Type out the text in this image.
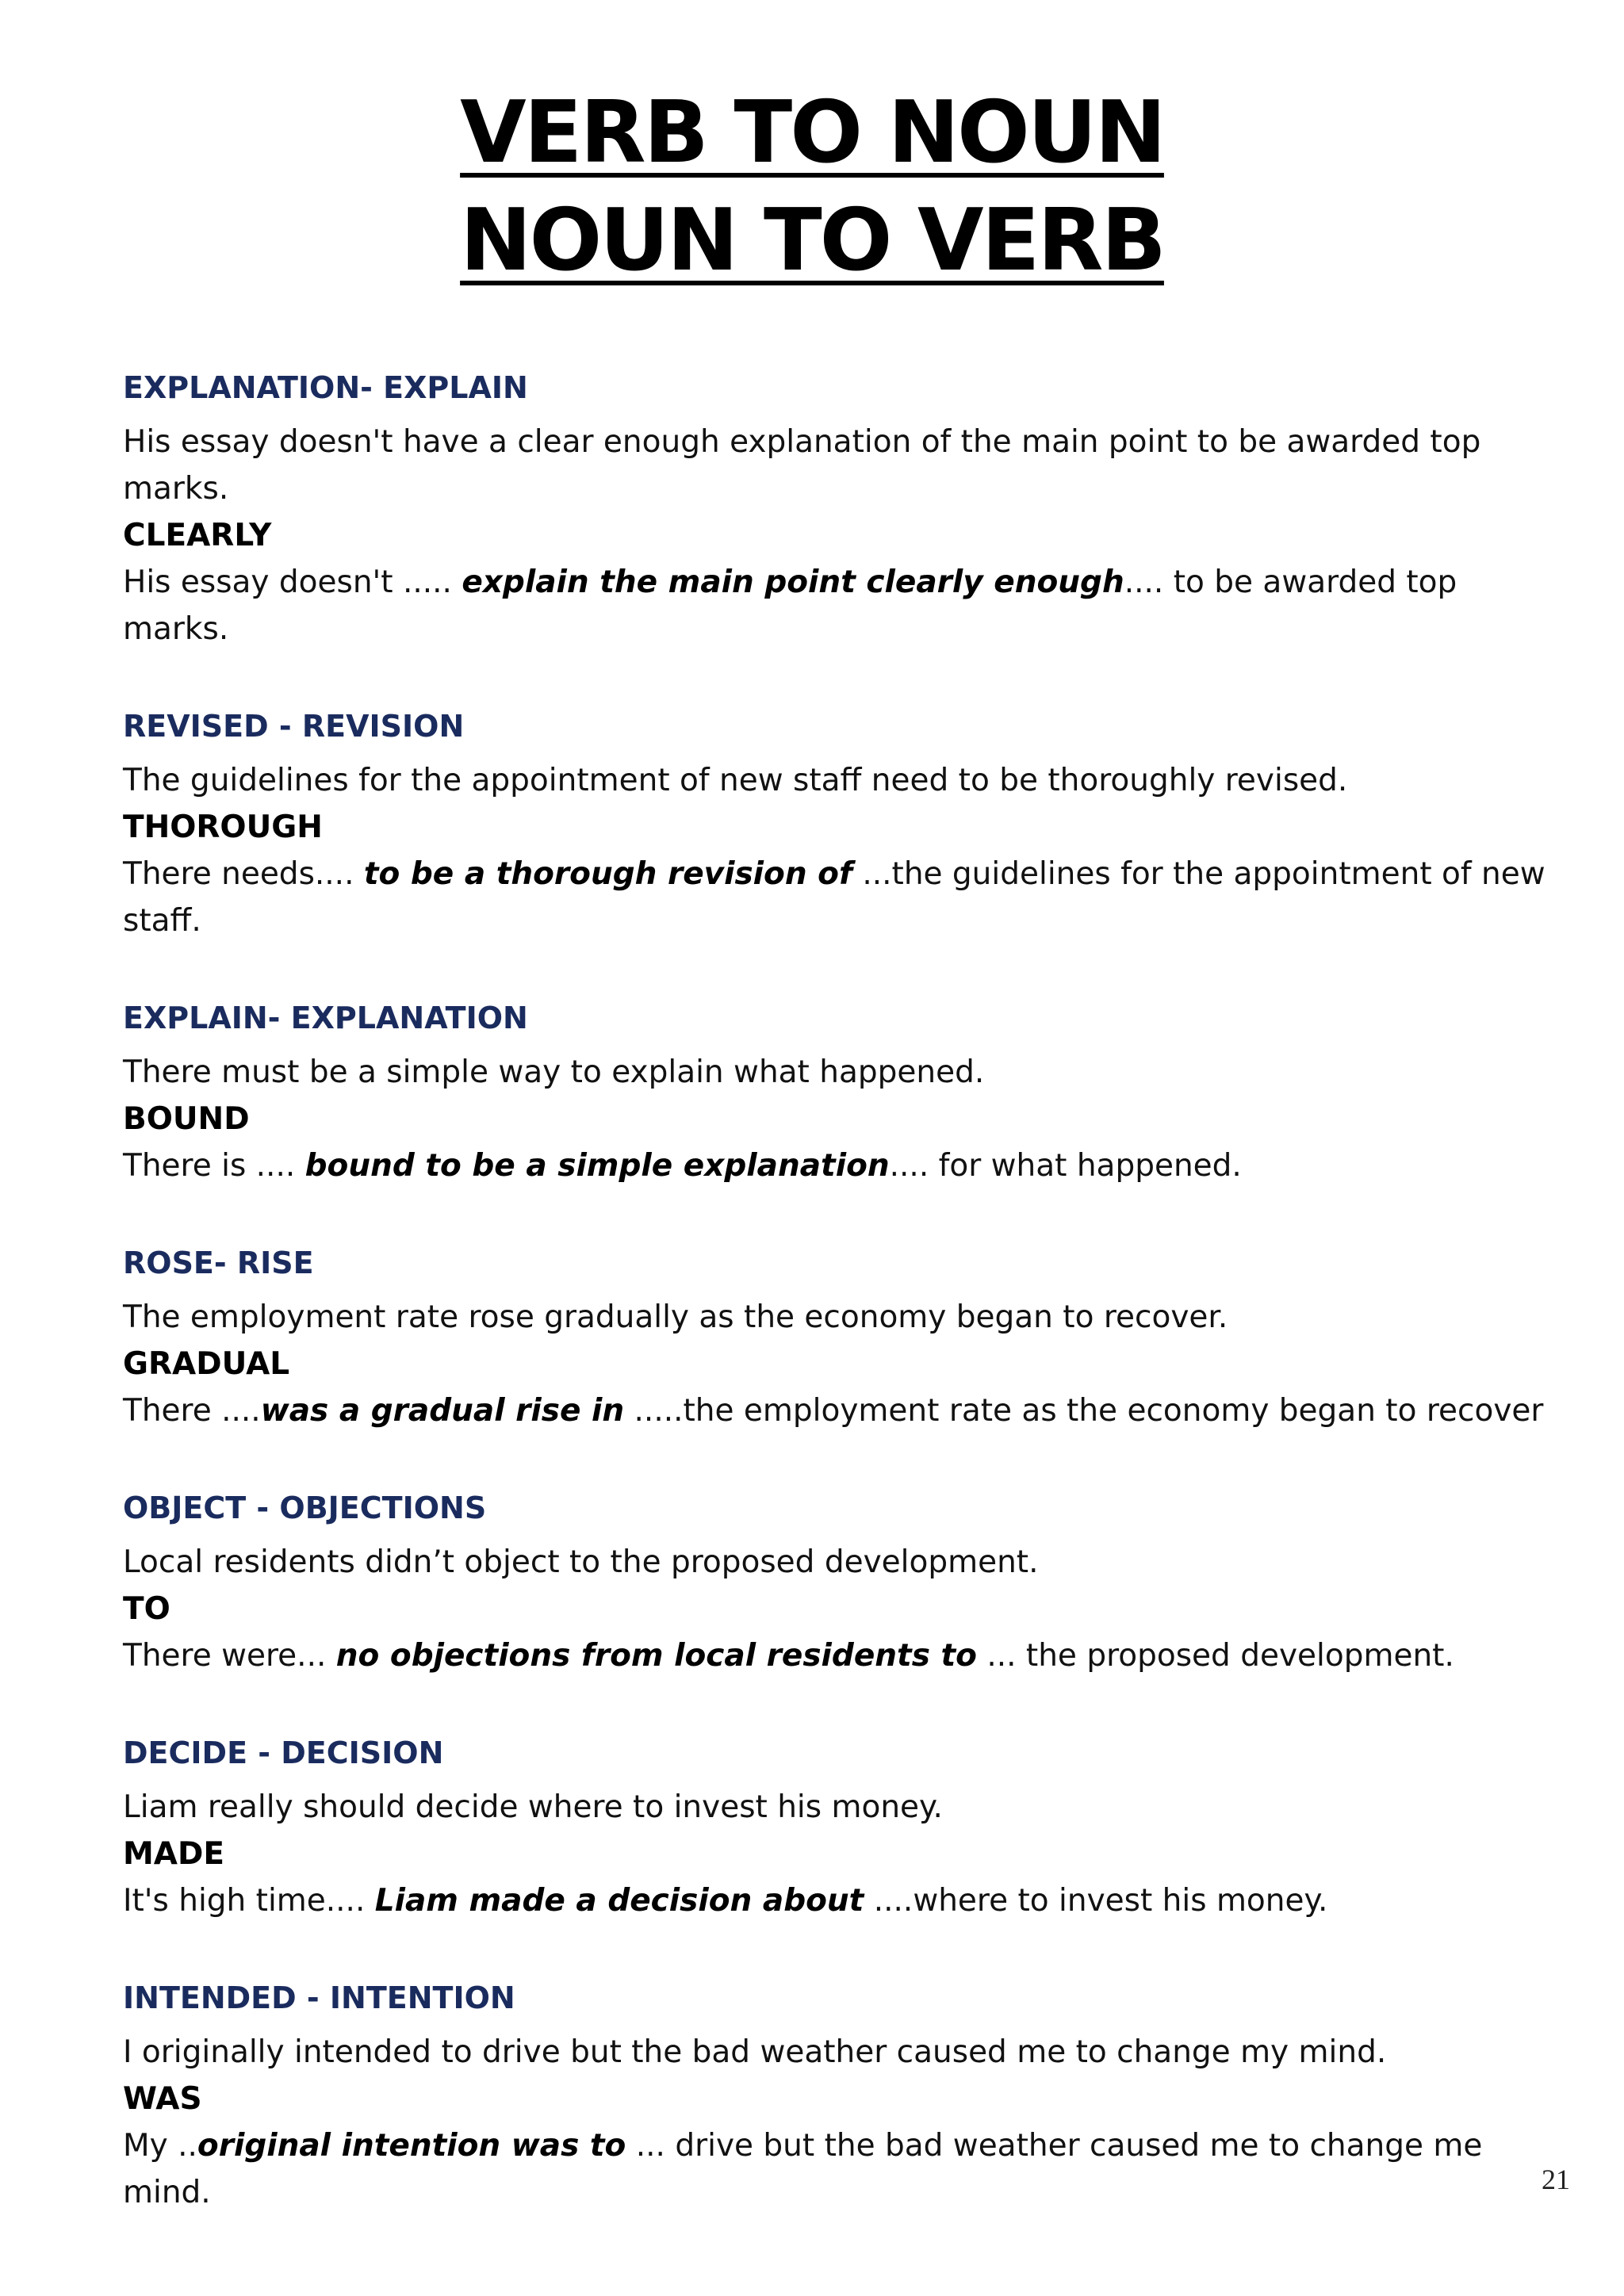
VERB TO NOUN
NOUN TO VERB
EXPLANATION- EXPLAIN

His essay doesn't have a clear enough explanation of the main point to be awarded top marks.

CLEARLY

His essay doesn't ..... explain the main point clearly enough.... to be awarded top marks.

REVISED - REVISION

The guidelines for the appointment of new staff need to be thoroughly revised.

THOROUGH

There needs.... to be a thorough revision of ...the guidelines for the appointment of new staff.

EXPLAIN- EXPLANATION

There must be a simple way to explain what happened.

BOUND

There is .... bound to be a simple explanation.... for what happened.

ROSE- RISE

The employment rate rose gradually as the economy began to recover.

GRADUAL

There ....was a gradual rise in .....the employment rate as the economy began to recover

OBJECT - OBJECTIONS

Local residents didn’t object to the proposed development.

TO

There were... no objections from local residents to ... the proposed development.

DECIDE - DECISION

Liam really should decide where to invest his money.

MADE

It's high time.... Liam made a decision about ....where to invest his money.

INTENDED - INTENTION

I originally intended to drive but the bad weather caused me to change my mind.

WAS

My ..original intention was to ... drive but the bad weather caused me to change me mind.	21
